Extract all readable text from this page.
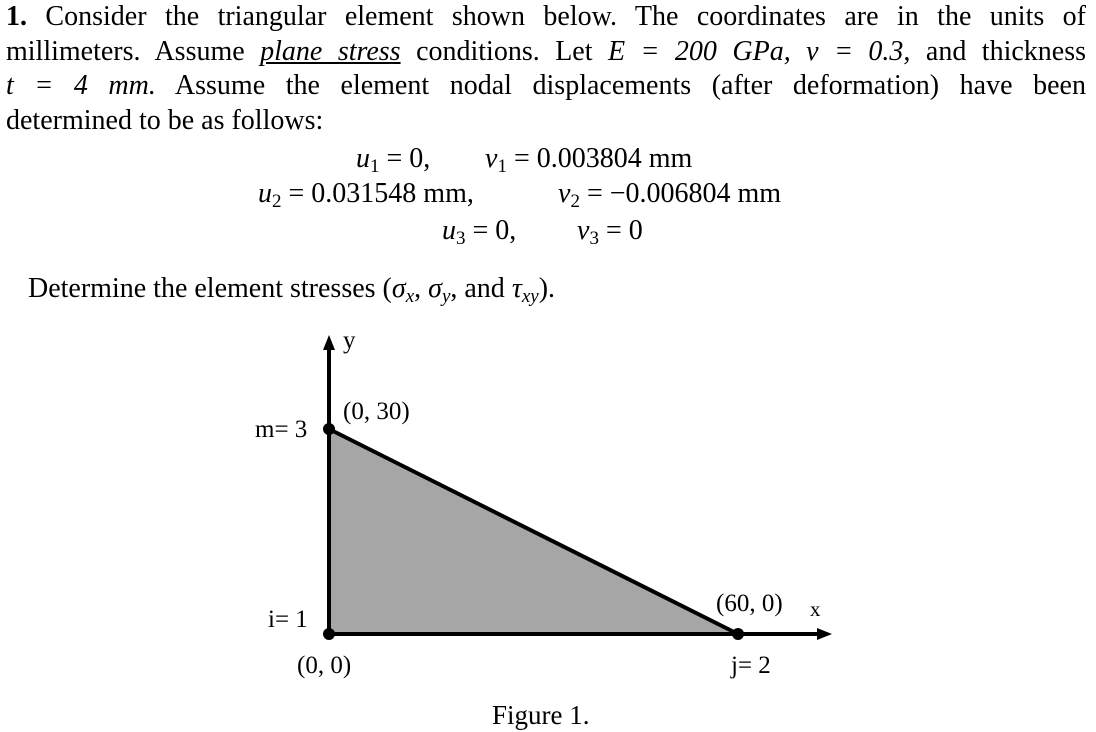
1. Consider the triangular element shown below. The coordinates are in the units of
millimeters. Assume plane stress conditions. Let E = 200 GPa, ν = 0.3, and thickness
t = 4 mm. Assume the element nodal displacements (after deformation) have been
determined to be as follows:
$u_1 = 0$, $v_1 = 0.003804$ mm
$u_2 = 0.031548$ mm,	$v_2 = -0.006804$ mm
$u_3 = 0$, $v_3 = 0$
Determine the element stresses ($\sigma_x$, $\sigma_y$, and $\tau_{xy}$).
y
x
(0, 30)
m= 3
i= 1
(0, 0)
(60, 0)
j= 2
Figure 1.
